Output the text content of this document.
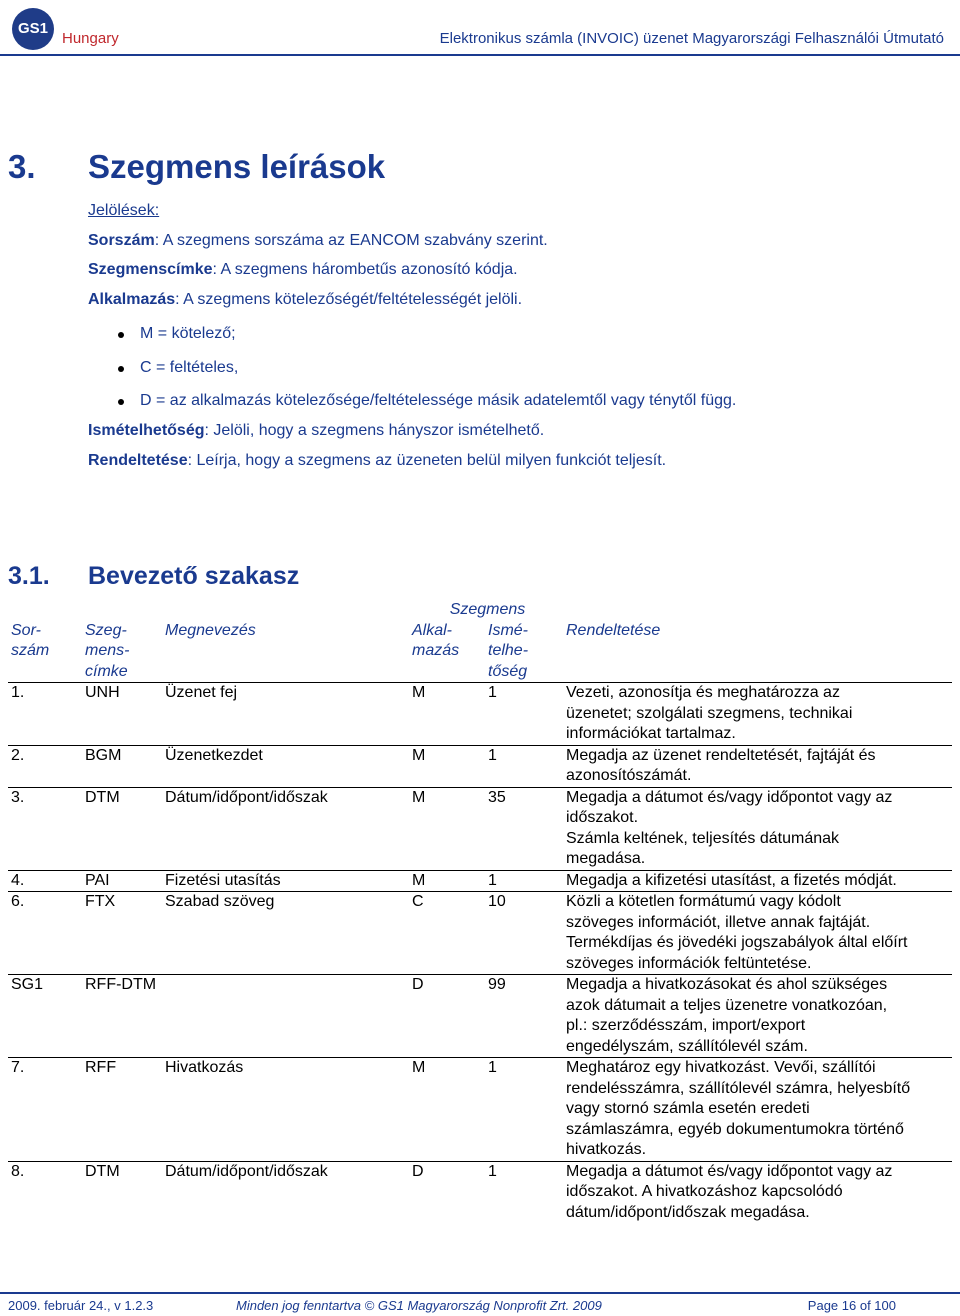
GS1
Hungary	Elektronikus számla (INVOIC) üzenet Magyarországi Felhasználói Útmutató
3. Szegmens leírások
Jelölések:
Sorszám: A szegmens sorszáma az EANCOM szabvány szerint.
Szegmenscímke: A szegmens hárombetűs azonosító kódja.
Alkalmazás: A szegmens kötelezőségét/feltételességét jelöli.
M = kötelező;
C = feltételes,
D = az alkalmazás kötelezősége/feltételessége másik adatelemtől vagy ténytől függ.
Ismételhetőség: Jelöli, hogy a szegmens hányszor ismételhető.
Rendeltetése: Leírja, hogy a szegmens az üzeneten belül milyen funkciót teljesít.
3.1. Bevezető szakasz
			Szegmens		
Sor-
szám	Szeg-
mens-
címke	Megnevezés	Alkal-
mazás	Ismé-
telhe-
tőség	Rendeltetése
1.	UNH	Üzenet fej	M	1	Vezeti, azonosítja és meghatározza az
üzenetet; szolgálati szegmens, technikai
információkat tartalmaz.
2.	BGM	Üzenetkezdet	M	1	Megadja az üzenet rendeltetését, fajtáját és
azonosítószámát.
3.	DTM	Dátum/időpont/időszak	M	35	Megadja a dátumot és/vagy időpontot vagy az
időszakot.
Számla keltének, teljesítés dátumának
megadása.
4.	PAI	Fizetési utasítás	M	1	Megadja a kifizetési utasítást, a fizetés módját.
6.	FTX	Szabad szöveg	C	10	Közli a kötetlen formátumú vagy kódolt
szöveges információt, illetve annak fajtáját.
Termékdíjas és jövedéki jogszabályok által előírt
szöveges információk feltüntetése.
SG1	RFF-DTM		D	99	Megadja a hivatkozásokat és ahol szükséges
azok dátumait a teljes üzenetre vonatkozóan,
pl.: szerződésszám, import/export
engedélyszám, szállítólevél szám.
7.	RFF	Hivatkozás	M	1	Meghatároz egy hivatkozást. Vevői, szállítói
rendelésszámra, szállítólevél számra, helyesbítő
vagy stornó számla esetén eredeti
számlaszámra, egyéb dokumentumokra történő
hivatkozás.
8.	DTM	Dátum/időpont/időszak	D	1	Megadja a dátumot és/vagy időpontot vagy az
időszakot. A hivatkozáshoz kapcsolódó
dátum/időpont/időszak megadása.
2009. február 24., v 1.2.3	Minden jog fenntartva © GS1 Magyarország Nonprofit Zrt. 2009	Page 16 of 100
